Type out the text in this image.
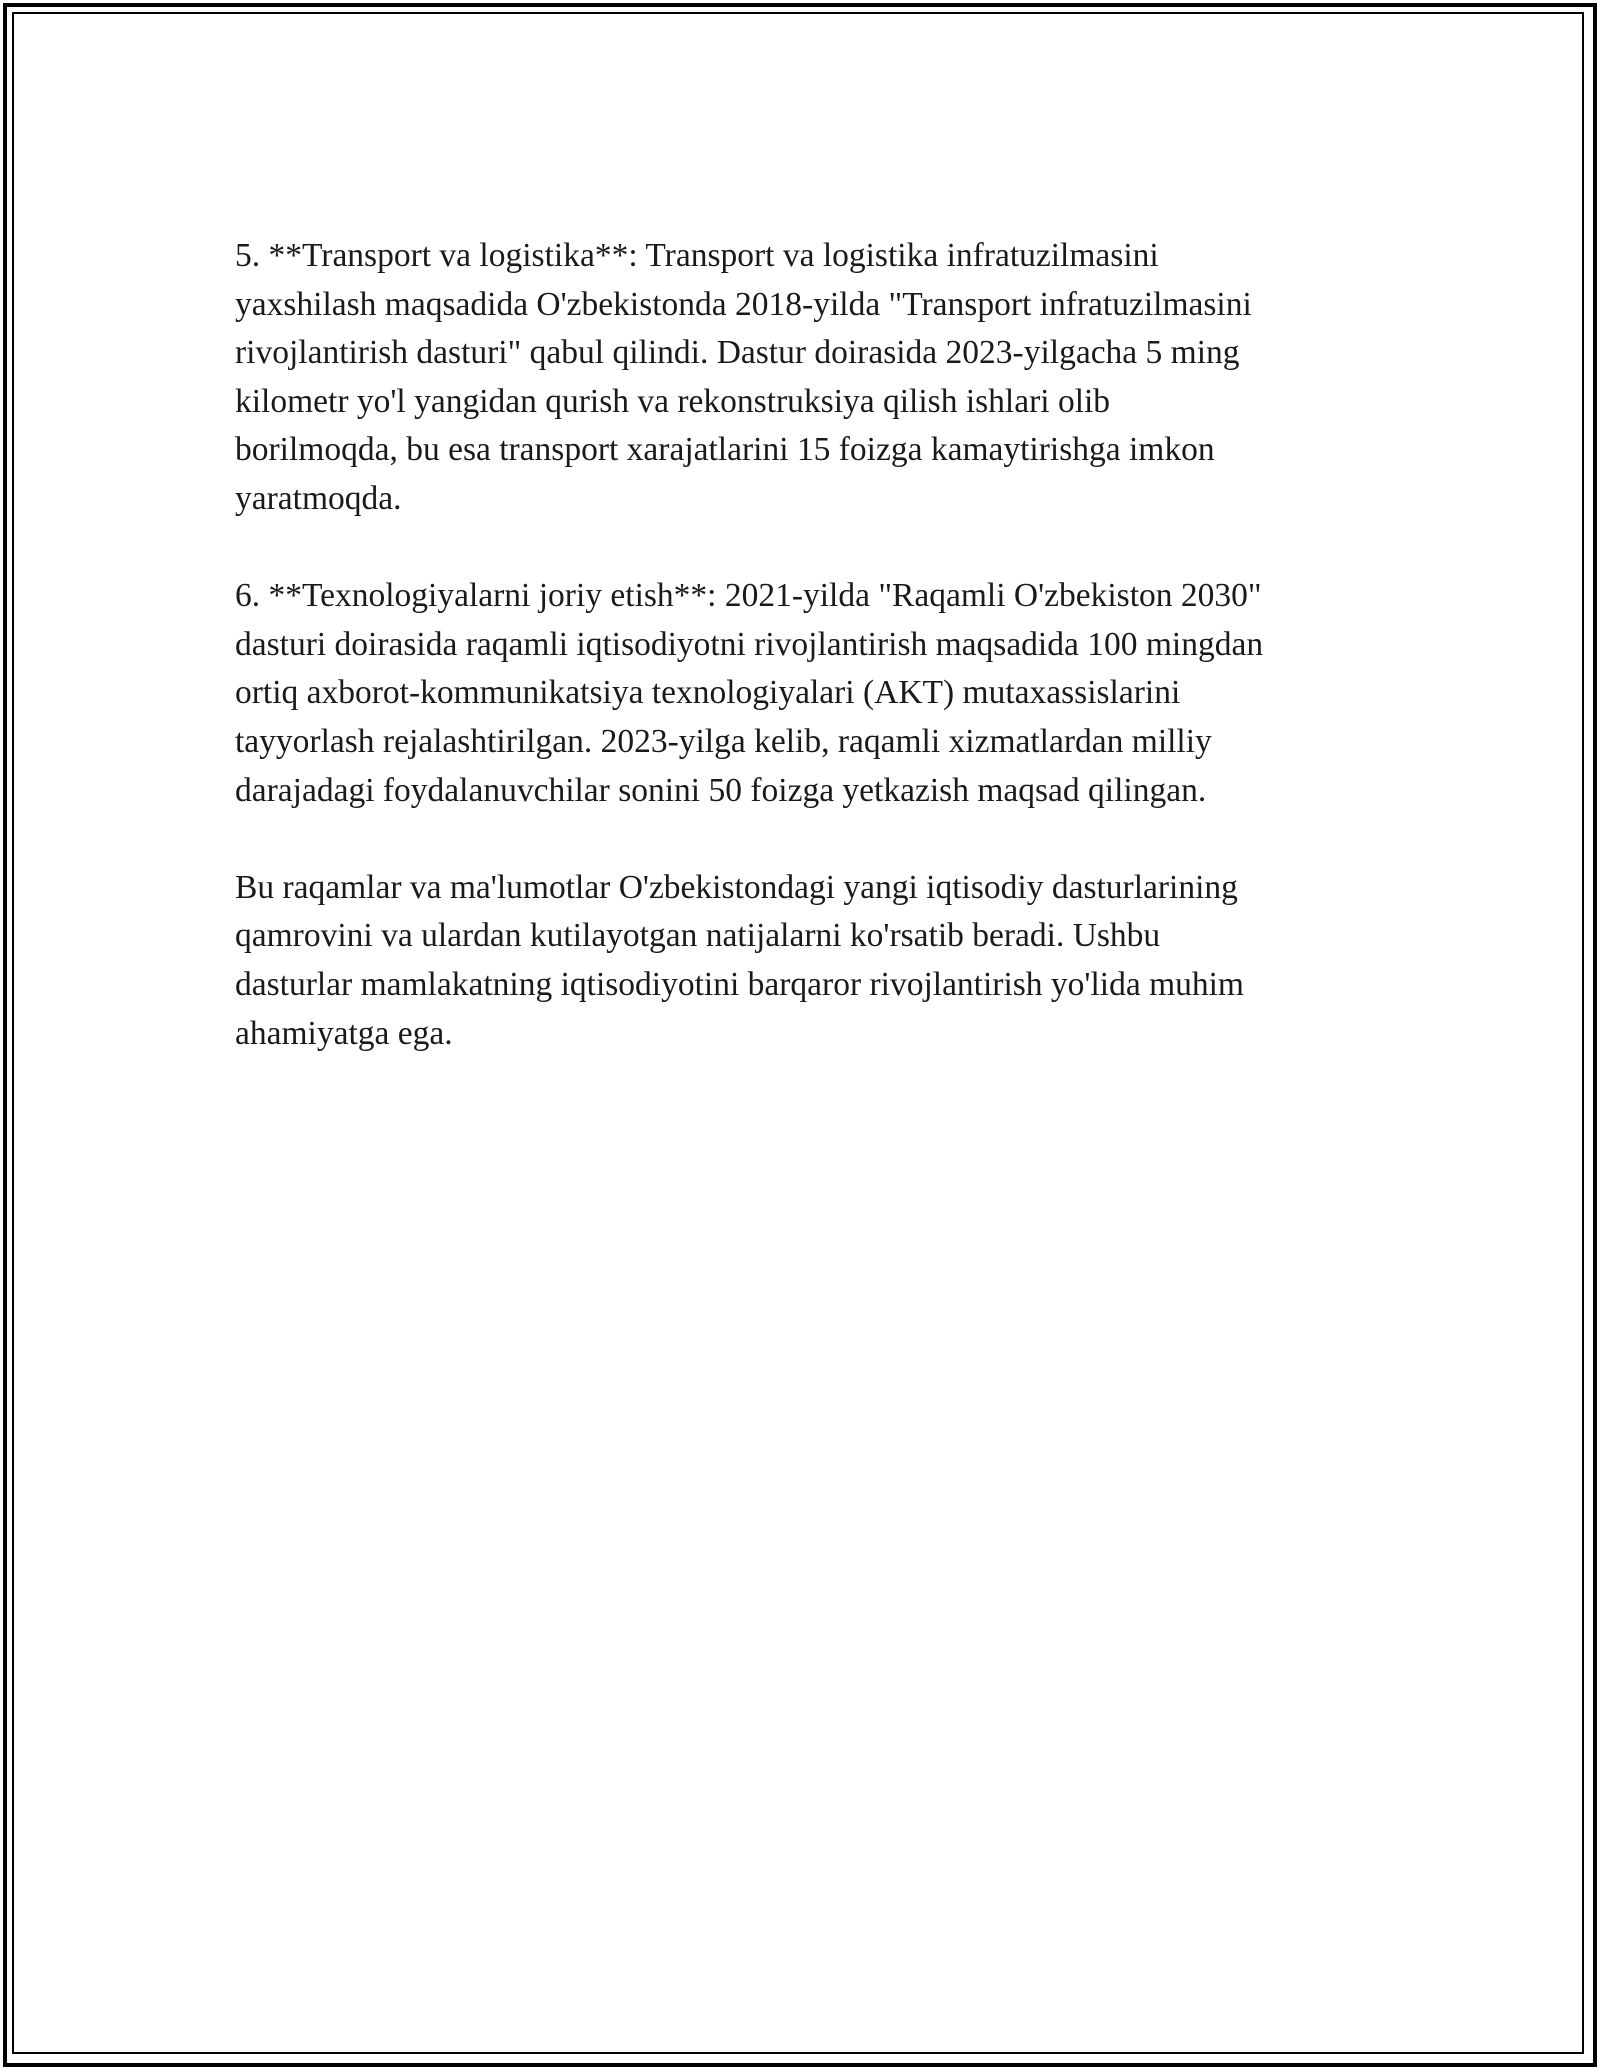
5. **Transport va logistika**: Transport va logistika infratuzilmasini
yaxshilash maqsadida O'zbekistonda 2018-yilda "Transport infratuzilmasini
rivojlantirish dasturi" qabul qilindi. Dastur doirasida 2023-yilgacha 5 ming
kilometr yo'l yangidan qurish va rekonstruksiya qilish ishlari olib
borilmoqda, bu esa transport xarajatlarini 15 foizga kamaytirishga imkon
yaratmoqda.

6. **Texnologiyalarni joriy etish**: 2021-yilda "Raqamli O'zbekiston 2030"
dasturi doirasida raqamli iqtisodiyotni rivojlantirish maqsadida 100 mingdan
ortiq axborot-kommunikatsiya texnologiyalari (AKT) mutaxassislarini
tayyorlash rejalashtirilgan. 2023-yilga kelib, raqamli xizmatlardan milliy
darajadagi foydalanuvchilar sonini 50 foizga yetkazish maqsad qilingan.

Bu raqamlar va ma'lumotlar O'zbekistondagi yangi iqtisodiy dasturlarining
qamrovini va ulardan kutilayotgan natijalarni ko'rsatib beradi. Ushbu
dasturlar mamlakatning iqtisodiyotini barqaror rivojlantirish yo'lida muhim
ahamiyatga ega.
